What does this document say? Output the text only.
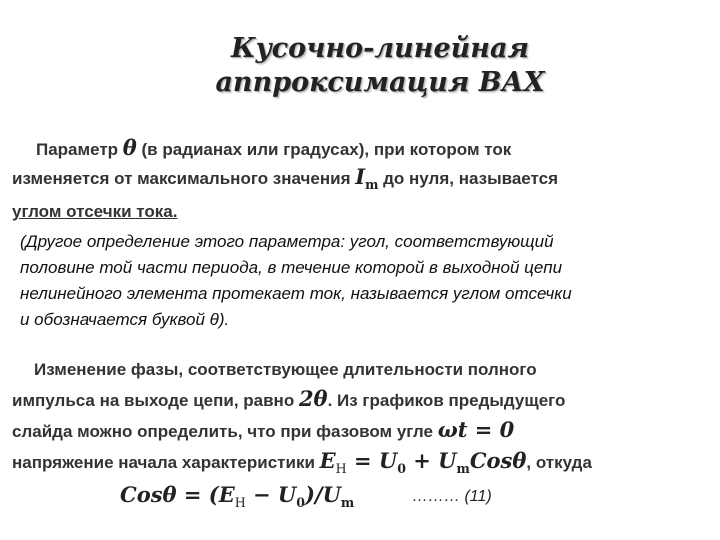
Кусочно-линейная
аппроксимация ВАХ
Параметр θ (в радианах или градусах), при котором ток
изменяется от максимального значения $I_m$ до нуля, называется
углом отсечки тока.
(Другое определение этого параметра: угол, соответствующий
половине той части периода, в течение которой в выходной цепи
нелинейного элемента протекает ток, называется углом отсечки
и обозначается буквой θ).
Изменение фазы, соответствующее длительности полного
импульса на выходе цепи, равно 2θ. Из графиков предыдущего
слайда можно определить, что при фазовом угле ωt = 0
напряжение начала характеристики $E_Н = U_0 + U_mCos\theta$, откуда
$Cos\theta = (E_Н - U_0)/U_m$	……… (11)
